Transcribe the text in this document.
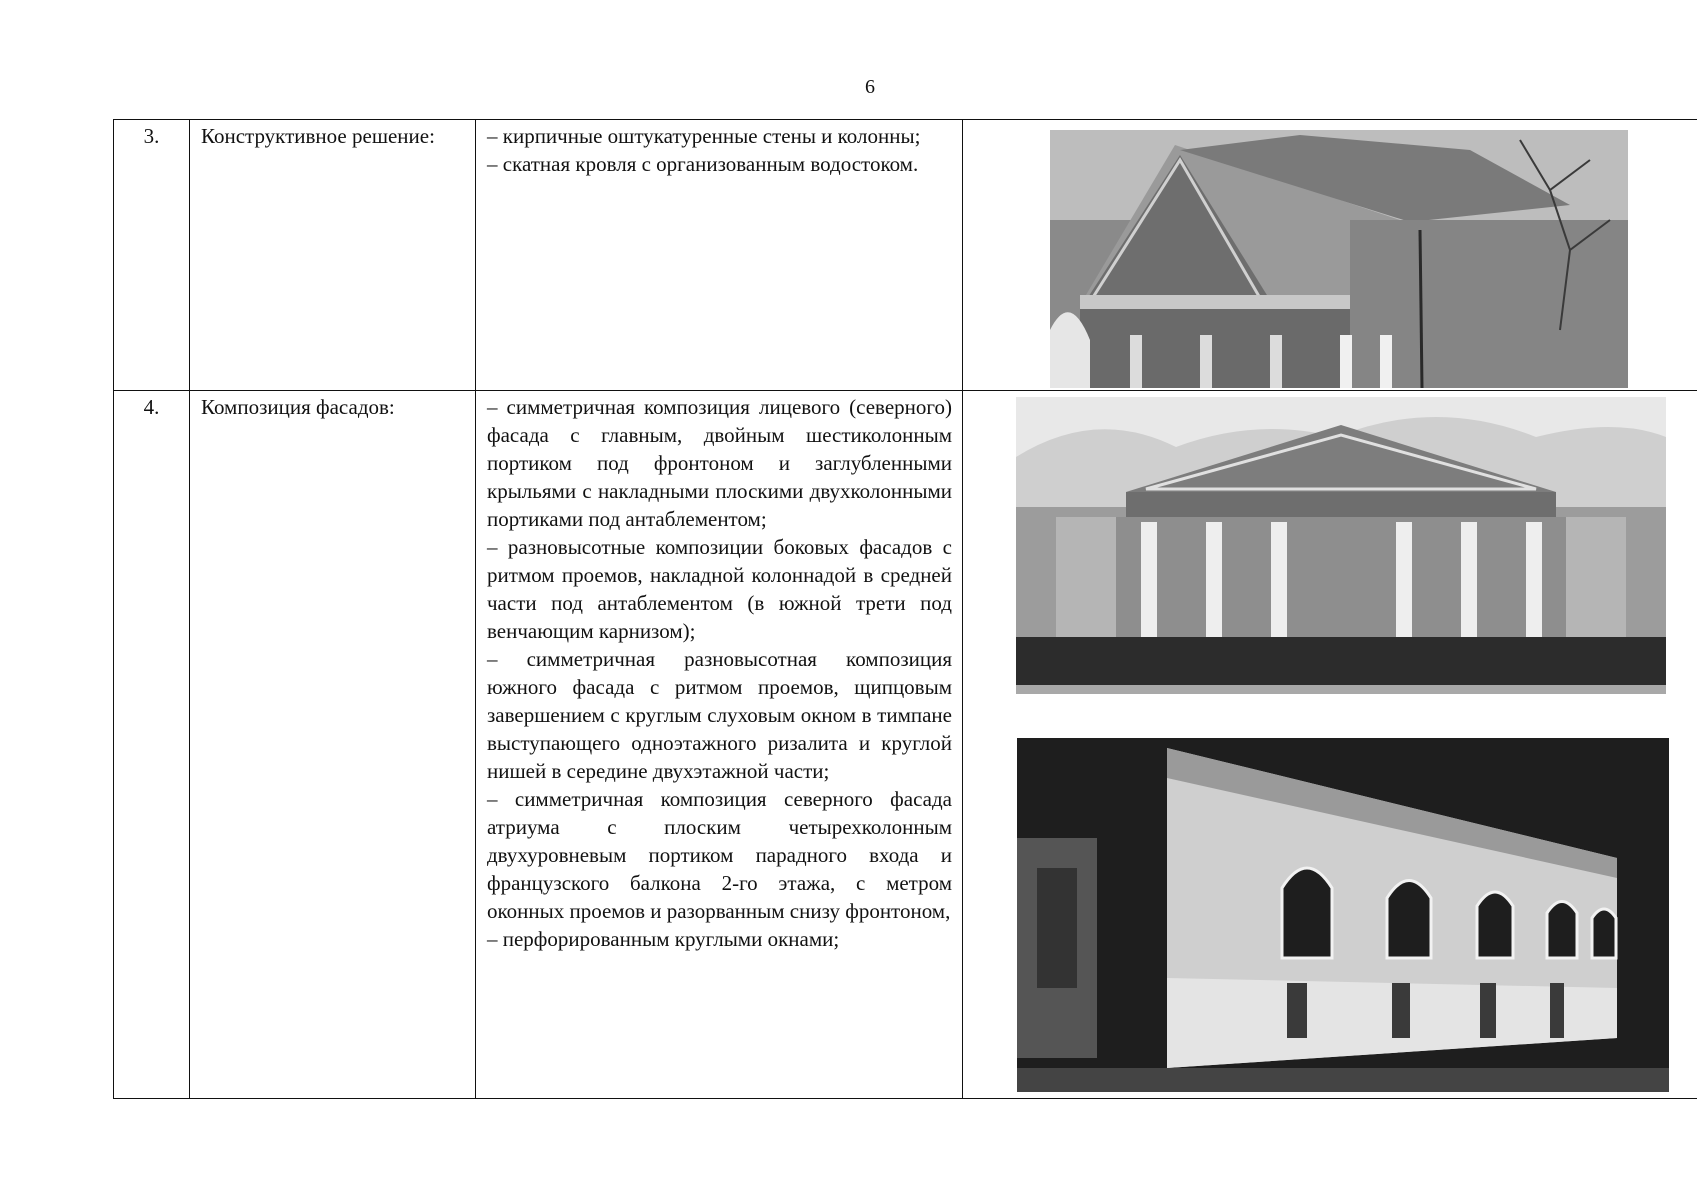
6
3.	Конструктивное решение:	– кирпичные оштукатуренные стены и колонны;
– скатная кровля с организованным водостоком.

4.	Композиция фасадов:	– симметричная композиция лицевого (северного) фасада с главным, двойным шестиколонным портиком под фронтоном и заглубленными крыльями с накладными плоскими двухколонными портиками под антаблементом;
– разновысотные композиции боковых фасадов с ритмом проемов, накладной колоннадой в средней части под антаблементом (в южной трети под венчающим карнизом);
– симметричная разновысотная композиция южного фасада с ритмом проемов, щипцовым завершением с круглым слуховым окном в тимпане выступающего одноэтажного ризалита и круглой нишей в середине двухэтажной части;
– симметричная композиция северного фасада атриума с плоским четырехколонным двухуровневым портиком парадного входа и французского балкона 2-го этажа, с метром оконных проемов и разорванным снизу фронтоном,
– перфорированным круглыми окнами;
